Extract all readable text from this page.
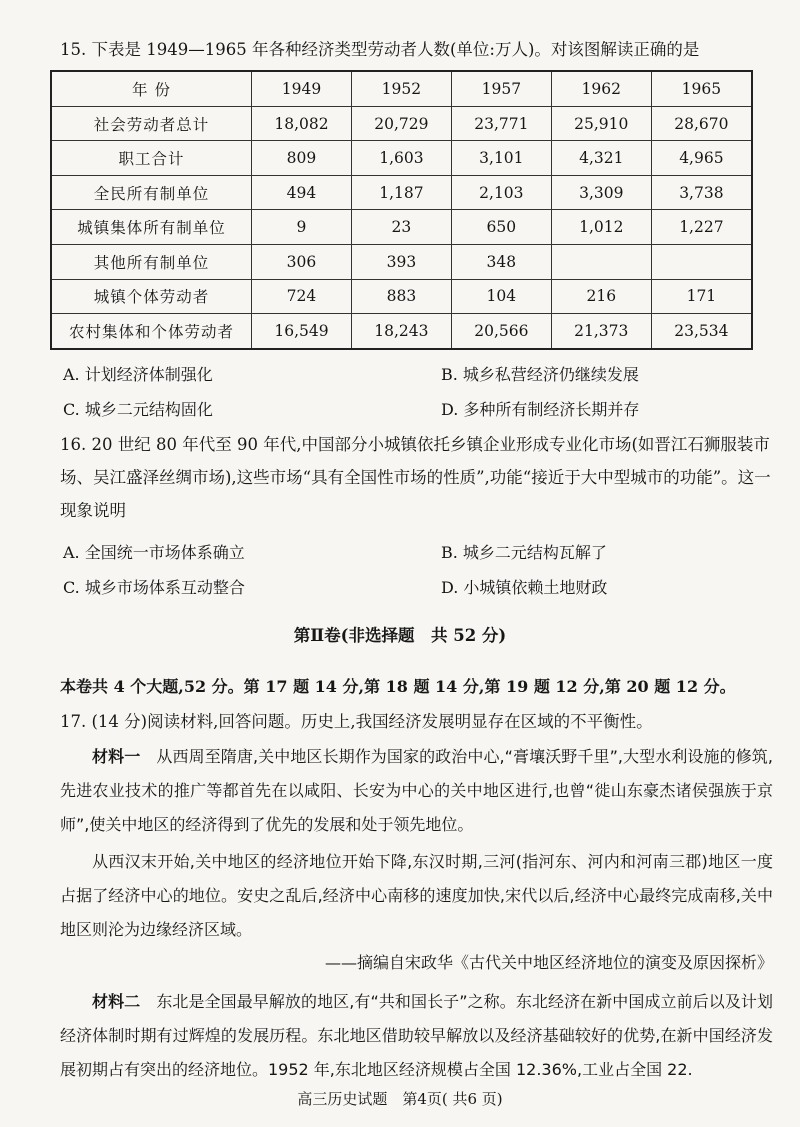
15. 下表是 1949—1965 年各种经济类型劳动者人数(单位:万人)。对该图解读正确的是
年 份	1949	1952	1957	1962	1965
社会劳动者总计	18,082	20,729	23,771	25,910	28,670
职工合计	809	1,603	3,101	4,321	4,965
全民所有制单位	494	1,187	2,103	3,309	3,738
城镇集体所有制单位	9	23	650	1,012	1,227
其他所有制单位	306	393	348		
城镇个体劳动者	724	883	104	216	171
农村集体和个体劳动者	16,549	18,243	20,566	21,373	23,534
A. 计划经济体制强化	B. 城乡私营经济仍继续发展
C. 城乡二元结构固化	D. 多种所有制经济长期并存
16. 20 世纪 80 年代至 90 年代,中国部分小城镇依托乡镇企业形成专业化市场(如晋江石狮服装市场、吴江盛泽丝绸市场),这些市场“具有全国性市场的性质”,功能“接近于大中型城市的功能”。这一现象说明
A. 全国统一市场体系确立	B. 城乡二元结构瓦解了
C. 城乡市场体系互动整合	D. 小城镇依赖土地财政
第Ⅱ卷(非选择题　共 52 分)
本卷共 4 个大题,52 分。第 17 题 14 分,第 18 题 14 分,第 19 题 12 分,第 20 题 12 分。
17. (14 分)阅读材料,回答问题。历史上,我国经济发展明显存在区域的不平衡性。
材料一　 从西周至隋唐,关中地区长期作为国家的政治中心,“膏壤沃野千里”,大型水利设施的修筑,先进农业技术的推广等都首先在以咸阳、长安为中心的关中地区进行,也曾“徙山东豪杰诸侯强族于京师”,使关中地区的经济得到了优先的发展和处于领先地位。
从西汉末开始,关中地区的经济地位开始下降,东汉时期,三河(指河东、河内和河南三郡)地区一度占据了经济中心的地位。安史之乱后,经济中心南移的速度加快,宋代以后,经济中心最终完成南移,关中地区则沦为边缘经济区域。
——摘编自宋政华《古代关中地区经济地位的演变及原因探析》
材料二　 东北是全国最早解放的地区,有“共和国长子”之称。东北经济在新中国成立前后以及计划经济体制时期有过辉煌的发展历程。东北地区借助较早解放以及经济基础较好的优势,在新中国经济发展初期占有突出的经济地位。1952 年,东北地区经济规模占全国 12.36%,工业占全国 22.
高三历史试题　第4页( 共6 页)
